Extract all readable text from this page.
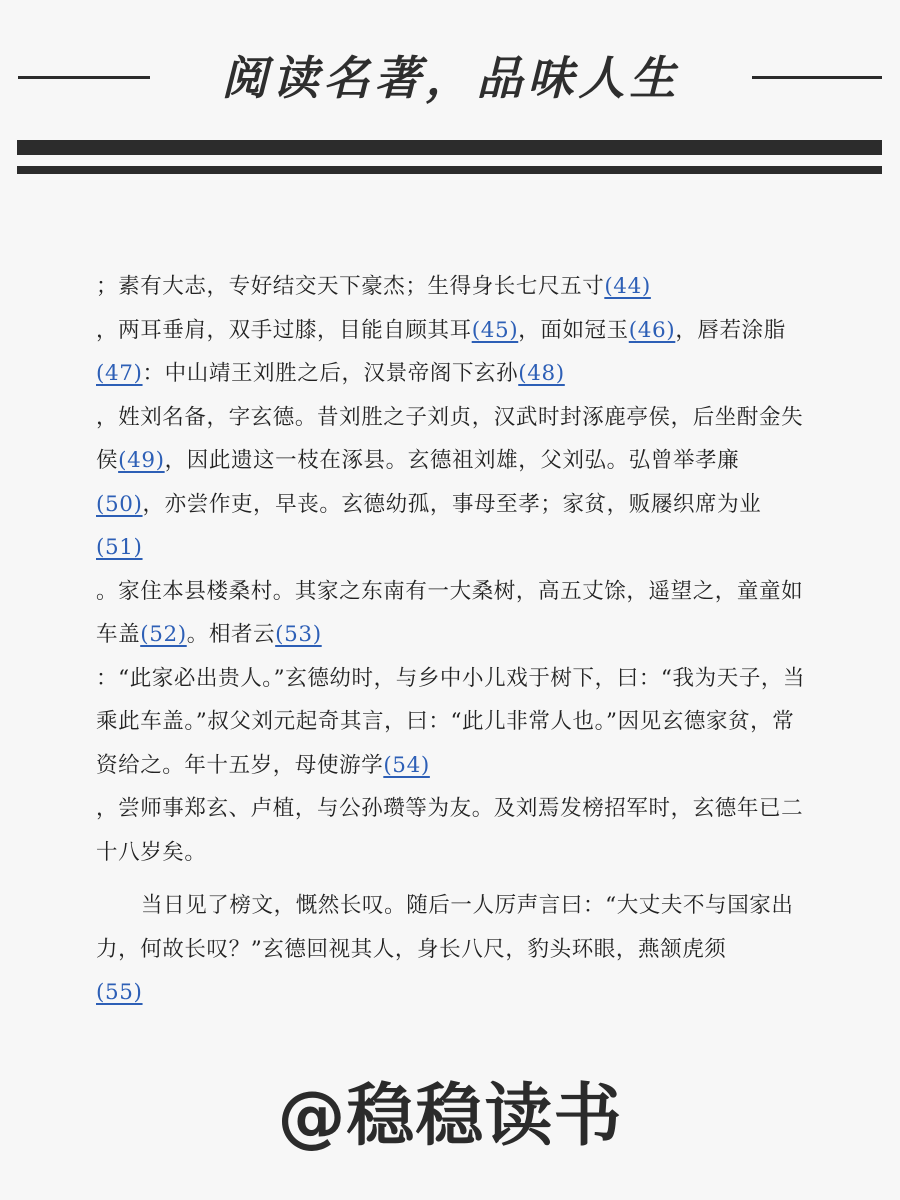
阅读名著，品味人生

；素有大志，专好结交天下豪杰；生得身长七尺五寸(44)
，两耳垂肩，双手过膝，目能自顾其耳(45)，面如冠玉(46)，唇若涂脂
(47)：中山靖王刘胜之后，汉景帝阁下玄孙(48)
，姓刘名备，字玄德。昔刘胜之子刘贞，汉武时封涿鹿亭侯，后坐酎金失侯(49)，因此遗这一枝在涿县。玄德祖刘雄，父刘弘。弘曾举孝廉
(50)，亦尝作吏，早丧。玄德幼孤，事母至孝；家贫，贩屦织席为业
(51)
。家住本县楼桑村。其家之东南有一大桑树，高五丈馀，遥望之，童童如车盖(52)。相者云(53)
：“此家必出贵人。”玄德幼时，与乡中小儿戏于树下，曰：“我为天子，当乘此车盖。”叔父刘元起奇其言，曰：“此儿非常人也。”因见玄德家贫，常资给之。年十五岁，母使游学(54)
，尝师事郑玄、卢植，与公孙瓒等为友。及刘焉发榜招军时，玄德年已二十八岁矣。

当日见了榜文，慨然长叹。随后一人厉声言曰：“大丈夫不与国家出力，何故长叹？”玄德回视其人，身长八尺，豹头环眼，燕颔虎须
(55)

@稳稳读书
